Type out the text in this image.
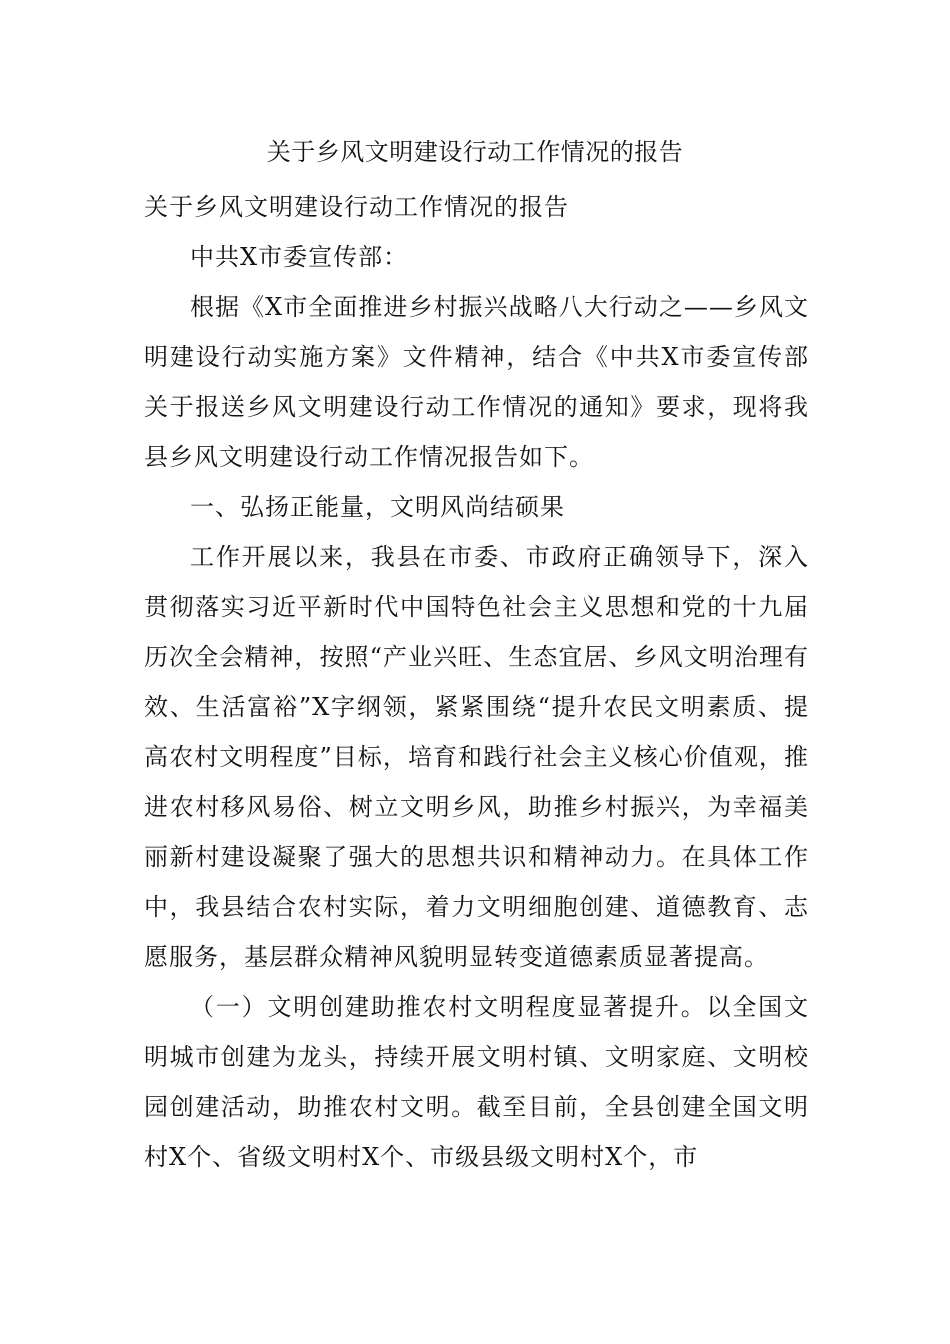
关于乡风文明建设行动工作情况的报告

关于乡风文明建设行动工作情况的报告

中共X市委宣传部：

根据《X市全面推进乡村振兴战略八大行动之——乡风文明建设行动实施方案》文件精神，结合《中共X市委宣传部关于报送乡风文明建设行动工作情况的通知》要求，现将我县乡风文明建设行动工作情况报告如下。

一、弘扬正能量，文明风尚结硕果

工作开展以来，我县在市委、市政府正确领导下，深入贯彻落实习近平新时代中国特色社会主义思想和党的十九届历次全会精神，按照“产业兴旺、生态宜居、乡风文明治理有效、生活富裕”X字纲领，紧紧围绕“提升农民文明素质、提高农村文明程度”目标，培育和践行社会主义核心价值观，推进农村移风易俗、树立文明乡风，助推乡村振兴，为幸福美丽新村建设凝聚了强大的思想共识和精神动力。在具体工作中，我县结合农村实际，着力文明细胞创建、道德教育、志愿服务，基层群众精神风貌明显转变道德素质显著提高。

（一）文明创建助推农村文明程度显著提升。以全国文明城市创建为龙头，持续开展文明村镇、文明家庭、文明校园创建活动，助推农村文明。截至目前，全县创建全国文明村X个、省级文明村X个、市级县级文明村X个，市
